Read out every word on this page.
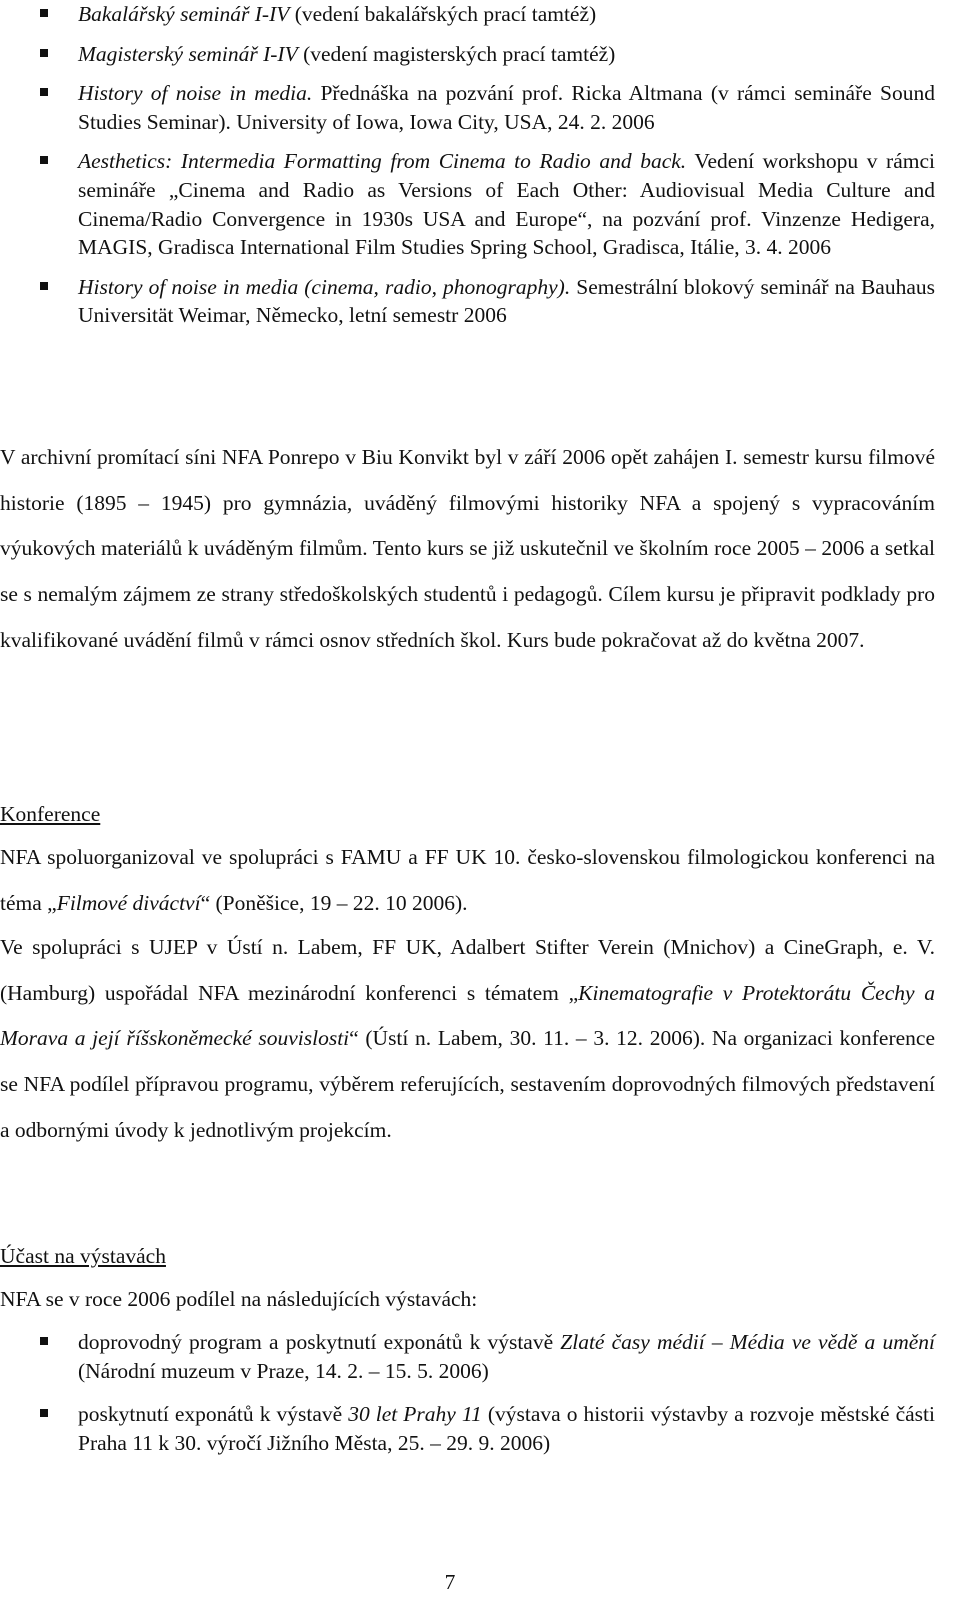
Bakalářský seminář I-IV (vedení bakalářských prací tamtéž)
Magisterský seminář I-IV (vedení magisterských prací tamtéž)
History of noise in media. Přednáška na pozvání prof. Ricka Altmana (v rámci semináře Sound Studies Seminar). University of Iowa, Iowa City, USA, 24. 2. 2006
Aesthetics: Intermedia Formatting from Cinema to Radio and back. Vedení workshopu v rámci semináře „Cinema and Radio as Versions of Each Other: Audiovisual Media Culture and Cinema/Radio Convergence in 1930s USA and Europe“, na pozvání prof. Vinzenze Hedigera, MAGIS, Gradisca International Film Studies Spring School, Gradisca, Itálie, 3. 4. 2006
History of noise in media (cinema, radio, phonography). Semestrální blokový seminář na Bauhaus Universität Weimar, Německo, letní semestr 2006

V archivní promítací síni NFA Ponrepo v Biu Konvikt byl v září 2006 opět zahájen I. semestr kursu filmové historie (1895 – 1945) pro gymnázia, uváděný filmovými historiky NFA a spojený s vypracováním výukových materiálů k uváděným filmům. Tento kurs se již uskutečnil ve školním roce 2005 – 2006 a setkal se s nemalým zájmem ze strany středoškolských studentů i pedagogů. Cílem kursu je připravit podklady pro kvalifikované uvádění filmů v rámci osnov středních škol. Kurs bude pokračovat až do května 2007.

Konference

NFA spoluorganizoval ve spolupráci s FAMU a FF UK 10. česko-slovenskou filmologickou konferenci na téma „Filmové diváctví“ (Poněšice, 19 – 22. 10 2006).

Ve spolupráci s UJEP v Ústí n. Labem, FF UK, Adalbert Stifter Verein (Mnichov) a CineGraph, e. V. (Hamburg) uspořádal NFA mezinárodní konferenci s tématem „Kinematografie v Protektorátu Čechy a Morava a její říšskoněmecké souvislosti“ (Ústí n. Labem, 30. 11. – 3. 12. 2006). Na organizaci konference se NFA podílel přípravou programu, výběrem referujících, sestavením doprovodných filmových představení a odbornými úvody k jednotlivým projekcím.

Účast na výstavách

NFA se v roce 2006 podílel na následujících výstavách:

doprovodný program a poskytnutí exponátů k výstavě Zlaté časy médií – Média ve vědě a umění (Národní muzeum v Praze, 14. 2. – 15. 5. 2006)
poskytnutí exponátů k výstavě 30 let Prahy 11 (výstava o historii výstavby a rozvoje městské části Praha 11 k 30. výročí Jižního Města, 25. – 29. 9. 2006)
7
